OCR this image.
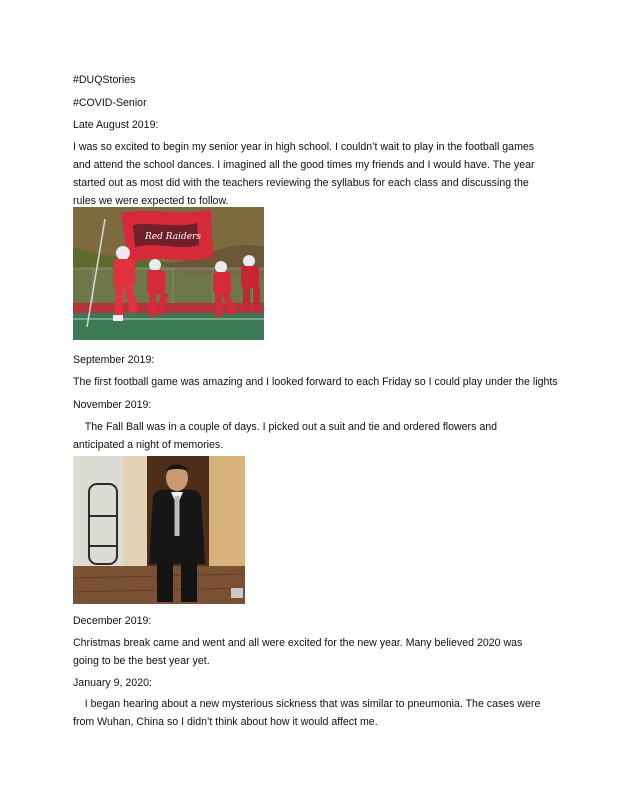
#DUQStories
#COVID-Senior
Late August 2019:
I was so excited to begin my senior year in high school. I couldn’t wait to play in the football games and attend the school dances. I imagined all the good times my friends and I would have. The year started out as most did with the teachers reviewing the syllabus for each class and discussing the rules we were expected to follow.
Red Raiders
September 2019:
The first football game was amazing and I looked forward to each Friday so I could play under the lights
November 2019:
The Fall Ball was in a couple of days. I picked out a suit and tie and ordered flowers and anticipated a night of memories.
December 2019:
Christmas break came and went and all were excited for the new year. Many believed 2020 was going to be the best year yet.
January 9, 2020:
I began hearing about a new mysterious sickness that was similar to pneumonia. The cases were from Wuhan, China so I didn’t think about how it would affect me.
